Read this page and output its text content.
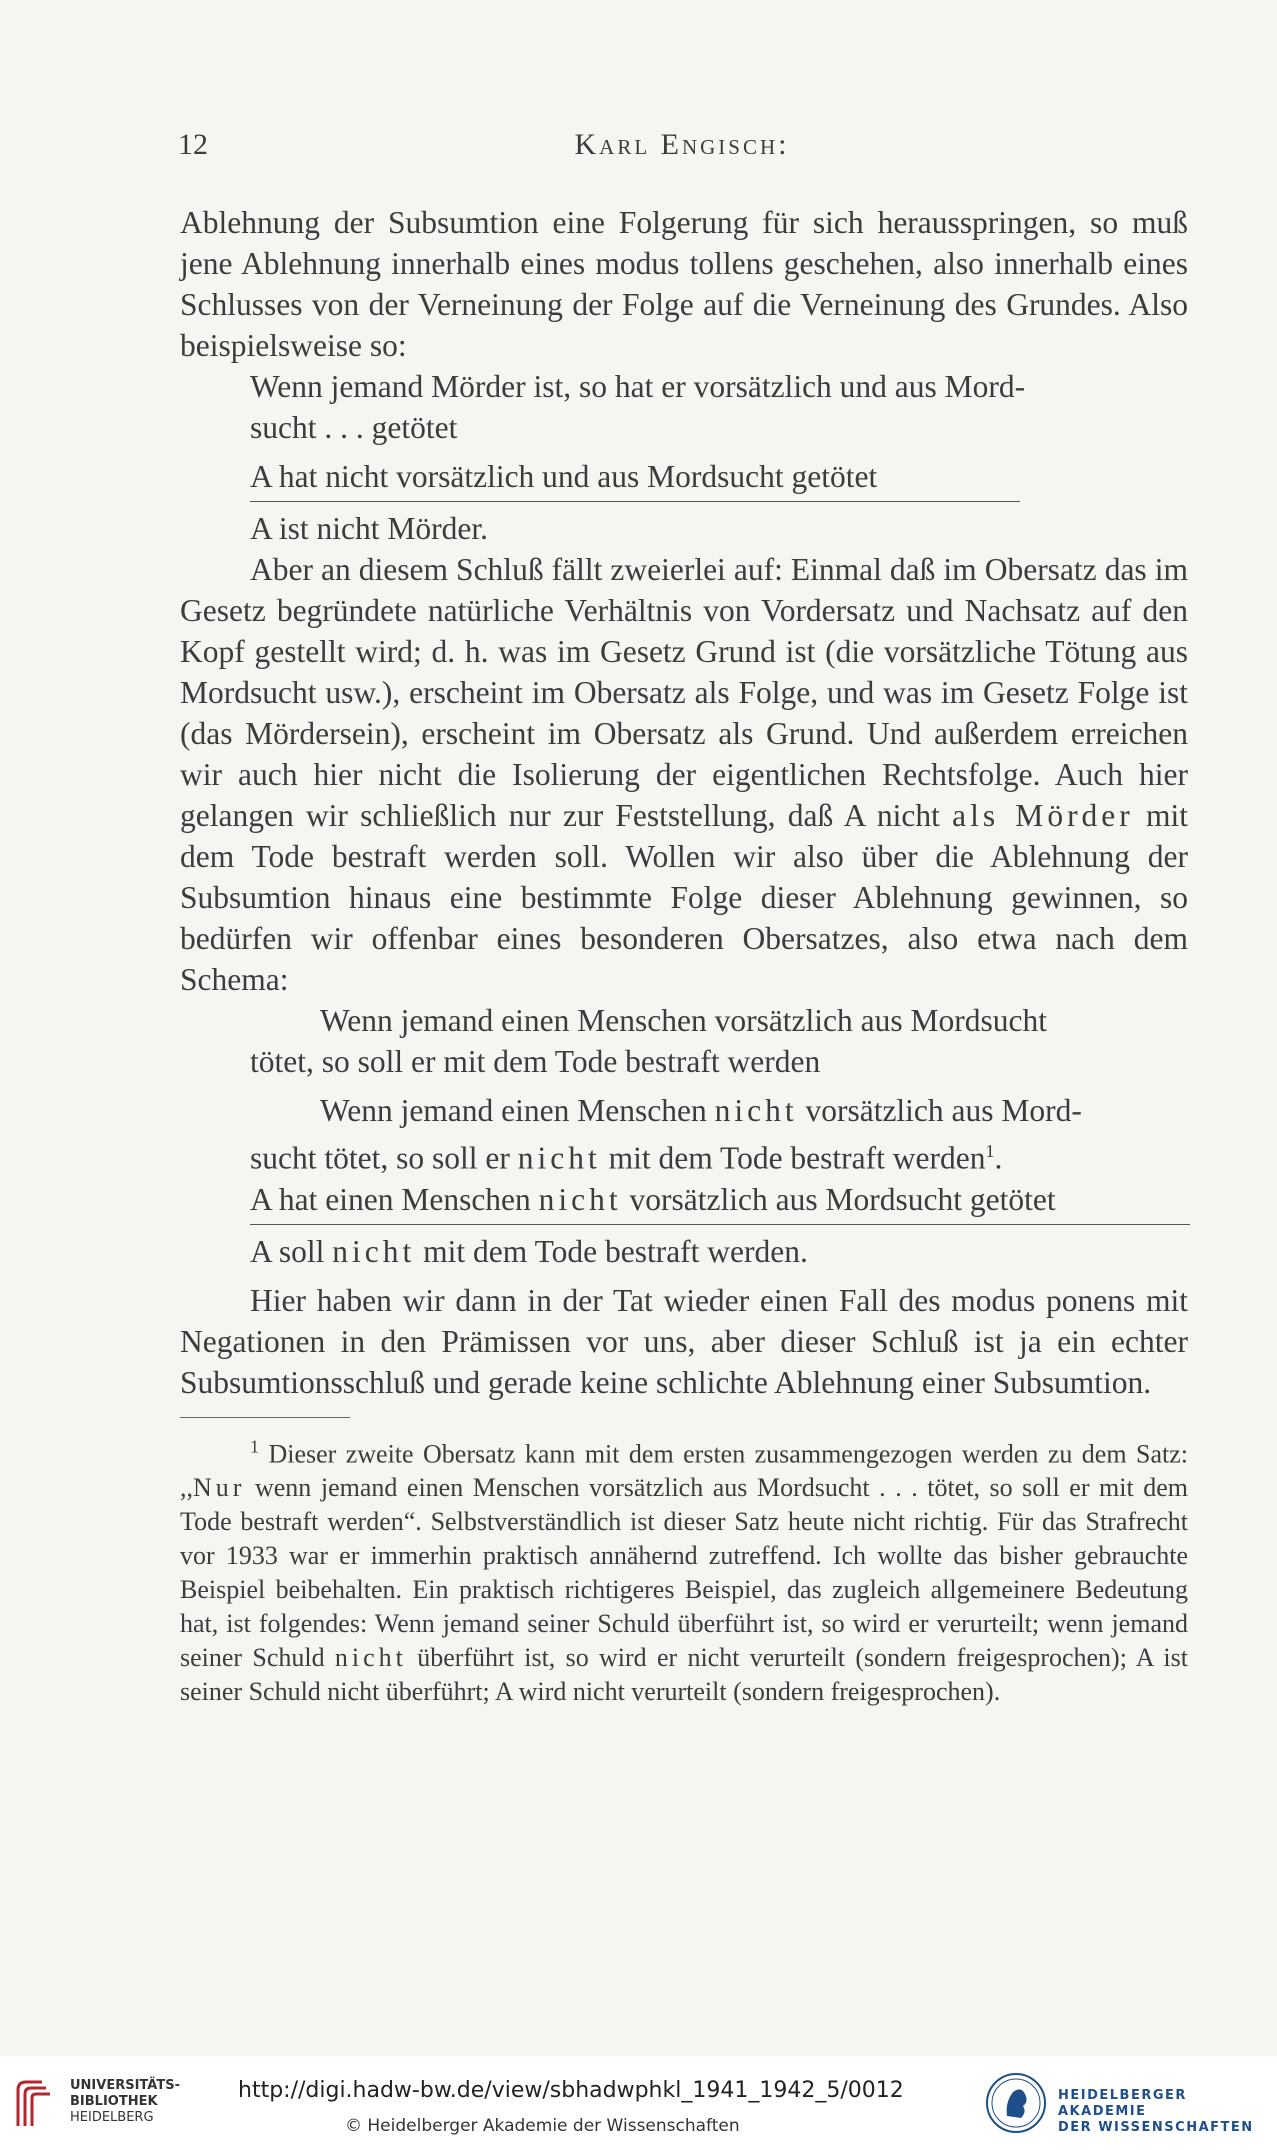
12	Karl Engisch:

Ablehnung der Subsumtion eine Folgerung für sich herausspringen, so muß jene Ablehnung innerhalb eines modus tollens geschehen, also innerhalb eines Schlusses von der Verneinung der Folge auf die Verneinung des Grundes. Also beispielsweise so:

Wenn jemand Mörder ist, so hat er vorsätzlich und aus Mord-
sucht . . . getötet
A hat nicht vorsätzlich und aus Mordsucht getötet
A ist nicht Mörder.

Aber an diesem Schluß fällt zweierlei auf: Einmal daß im Obersatz das im Gesetz begründete natürliche Verhältnis von Vordersatz und Nachsatz auf den Kopf gestellt wird; d. h. was im Gesetz Grund ist (die vorsätzliche Tötung aus Mordsucht usw.), erscheint im Obersatz als Folge, und was im Gesetz Folge ist (das Mördersein), erscheint im Obersatz als Grund. Und außerdem erreichen wir auch hier nicht die Isolierung der eigentlichen Rechtsfolge. Auch hier gelangen wir schließlich nur zur Feststellung, daß A nicht als Mörder mit dem Tode bestraft werden soll. Wollen wir also über die Ablehnung der Subsumtion hinaus eine bestimmte Folge dieser Ablehnung gewinnen, so bedürfen wir offenbar eines besonderen Obersatzes, also etwa nach dem Schema:

Wenn jemand einen Menschen vorsätzlich aus Mordsucht
tötet, so soll er mit dem Tode bestraft werden
Wenn jemand einen Menschen nicht vorsätzlich aus Mord-
sucht tötet, so soll er nicht mit dem Tode bestraft werden$^1$.
A hat einen Menschen nicht vorsätzlich aus Mordsucht getötet
A soll nicht mit dem Tode bestraft werden.

Hier haben wir dann in der Tat wieder einen Fall des modus ponens mit Negationen in den Prämissen vor uns, aber dieser Schluß ist ja ein echter Subsumtionsschluß und gerade keine schlichte Ablehnung einer Subsumtion.

$^1$ Dieser zweite Obersatz kann mit dem ersten zusammengezogen werden zu dem Satz: ,,Nur wenn jemand einen Menschen vorsätzlich aus Mordsucht . . . tötet, so soll er mit dem Tode bestraft werden“. Selbstverständlich ist dieser Satz heute nicht richtig. Für das Strafrecht vor 1933 war er immerhin praktisch annähernd zutreffend. Ich wollte das bisher gebrauchte Beispiel beibehalten. Ein praktisch richtigeres Beispiel, das zugleich allgemeinere Bedeutung hat, ist folgendes: Wenn jemand seiner Schuld überführt ist, so wird er verurteilt; wenn jemand seiner Schuld nicht überführt ist, so wird er nicht verurteilt (sondern freigesprochen); A ist seiner Schuld nicht überführt; A wird nicht verurteilt (sondern freigesprochen).
UNIVERSITÄTS-
BIBLIOTHEK
HEIDELBERG
http://digi.hadw-bw.de/view/sbhadwphkl_1941_1942_5/0012
© Heidelberger Akademie der Wissenschaften
HEIDELBERGER AKADEMIE
DER WISSENSCHAFTEN
